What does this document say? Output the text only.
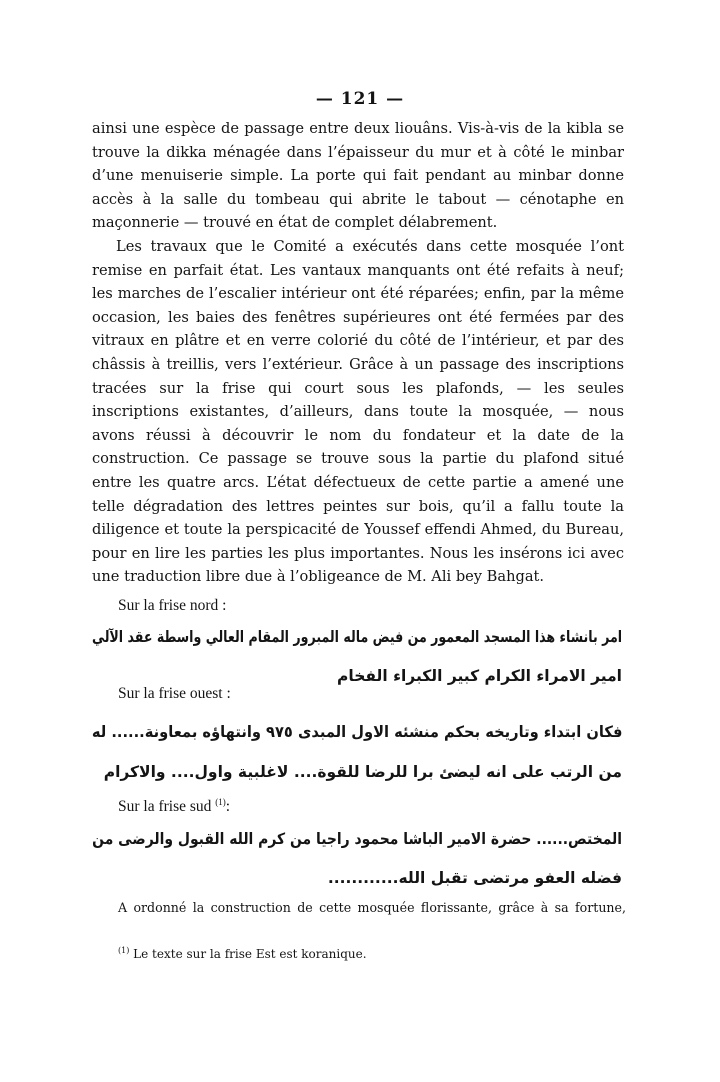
— 121 —

ainsi une espèce de passage entre deux liouâns. Vis-à-vis de la kibla se trouve la dikka ménagée dans l’épaisseur du mur et à côté le minbar d’une menuiserie simple. La porte qui fait pendant au minbar donne accès à la salle du tombeau qui abrite le tabout — cénotaphe en maçonnerie — trouvé en état de complet délabrement.

Les travaux que le Comité a exécutés dans cette mosquée l’ont remise en parfait état. Les vantaux manquants ont été refaits à neuf; les marches de l’escalier intérieur ont été réparées; enfin, par la même occasion, les baies des fenêtres supérieures ont été fermées par des vitraux en plâtre et en verre colorié du côté de l’intérieur, et par des châssis à treillis, vers l’extérieur. Grâce à un passage des inscriptions tracées sur la frise qui court sous les plafonds, — les seules inscriptions existantes, d’ailleurs, dans toute la mosquée, — nous avons réussi à découvrir le nom du fondateur et la date de la construction. Ce passage se trouve sous la partie du plafond situé entre les quatre arcs. L’état défectueux de cette partie a amené une telle dégradation des lettres peintes sur bois, qu’il a fallu toute la diligence et toute la perspicacité de Youssef effendi Ahmed, du Bureau, pour en lire les parties les plus importantes. Nous les insérons ici avec une traduction libre due à l’obligeance de M. Ali bey Bahgat.

Sur la frise nord :
امر بانشاء هذا المسجد المعمور من فيض ماله المبرور المقام العالي واسطة عقد الآلي
امير الامراء الكرام كبير الكبراء الفخام
Sur la frise ouest :
فكان ابتداء وتاريخه بحكم منشئه الاول المبدى ٩٧٥ وانتهاؤه بمعاونة...... له
من الرتب على انه ليضئ برا للرضا للقوة.... لاغلبية واول.... والاكرام
Sur la frise sud $^{(1)}$:
المختص...... حضرة الامير الباشا محمود راجيا من كرم الله القبول والرضى من
فضله العفو مرتضى تقبل الله............
A ordonné la construction de cette mosquée florissante, grâce à sa fortune,
$^{(1)}$ Le texte sur la frise Est est koranique.
